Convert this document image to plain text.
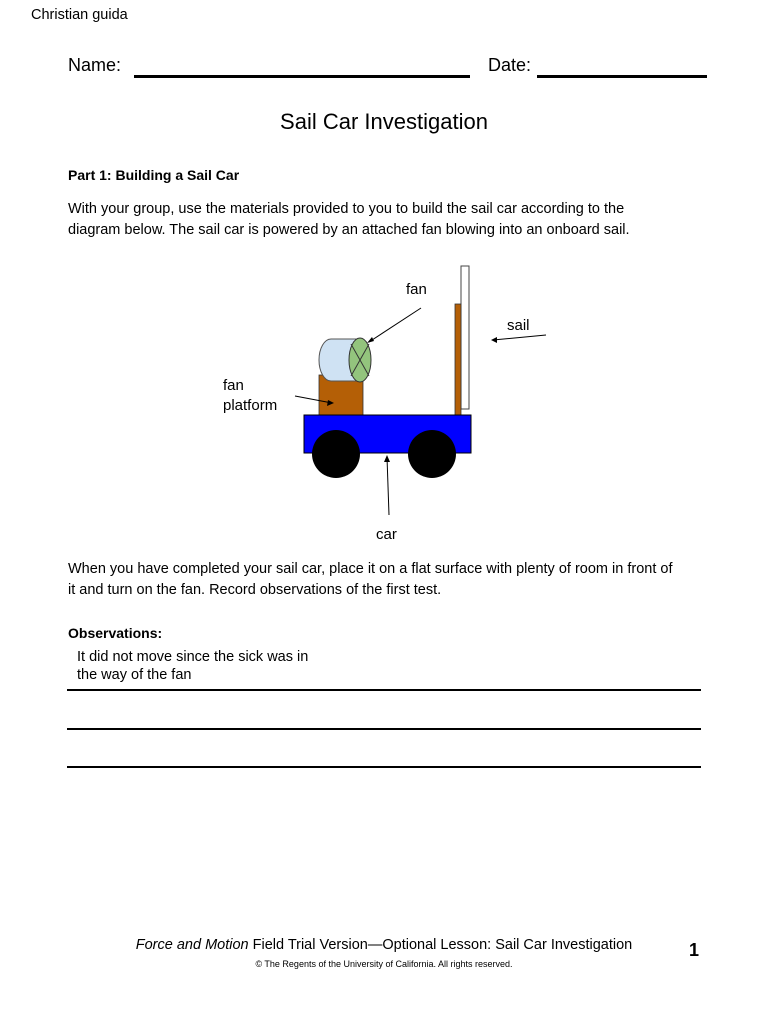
Christian guida
Name:	Date:
Sail Car Investigation
Part 1: Building a Sail Car
With your group, use the materials provided to you to build the sail car according to the
diagram below. The sail car is powered by an attached fan blowing into an onboard sail.
fan
sail
fan
platform
car
When you have completed your sail car, place it on a flat surface with plenty of room in front of
it and turn on the fan. Record observations of the first test.
Observations:
It did not move since the sick was in
the way of the fan
Force and Motion Field Trial Version—Optional Lesson: Sail Car Investigation
© The Regents of the University of California. All rights reserved.
1
